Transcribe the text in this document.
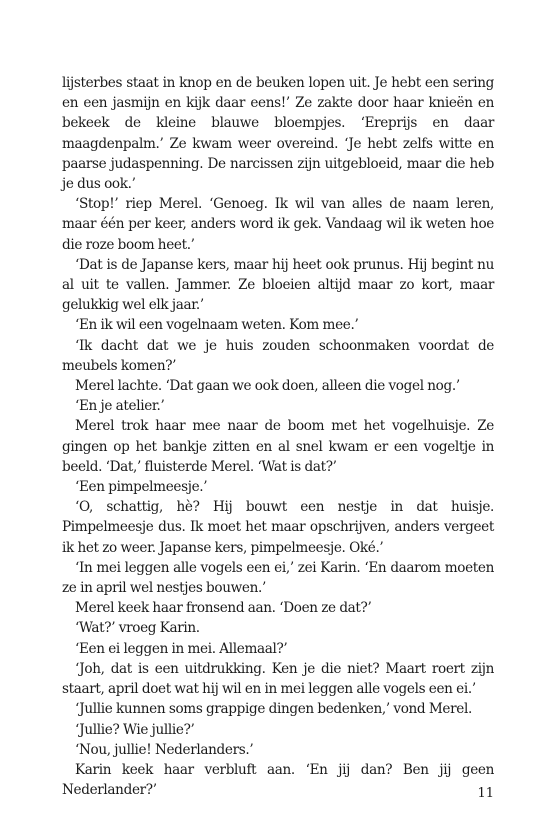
lijsterbes staat in knop en de beuken lopen uit. Je hebt een sering en een jasmijn en kijk daar eens!’ Ze zakte door haar knieën en bekeek de kleine blauwe bloempjes. ‘Ereprijs en daar maagdenpalm.’ Ze kwam weer overeind. ‘Je hebt zelfs witte en paarse judaspenning. De narcissen zijn uitgebloeid, maar die heb je dus ook.’

‘Stop!’ riep Merel. ‘Genoeg. Ik wil van alles de naam leren, maar één per keer, anders word ik gek. Vandaag wil ik weten hoe die roze boom heet.’

‘Dat is de Japanse kers, maar hij heet ook prunus. Hij begint nu al uit te vallen. Jammer. Ze bloeien altijd maar zo kort, maar gelukkig wel elk jaar.’

‘En ik wil een vogelnaam weten. Kom mee.’

‘Ik dacht dat we je huis zouden schoonmaken voordat de meubels komen?’

Merel lachte. ‘Dat gaan we ook doen, alleen die vogel nog.’

‘En je atelier.’

Merel trok haar mee naar de boom met het vogelhuisje. Ze gingen op het bankje zitten en al snel kwam er een vogeltje in beeld. ‘Dat,’ fluisterde Merel. ‘Wat is dat?’

‘Een pimpelmeesje.’

‘O, schattig, hè? Hij bouwt een nestje in dat huisje. Pimpelmeesje dus. Ik moet het maar opschrijven, anders vergeet ik het zo weer. Japanse kers, pimpelmeesje. Oké.’

‘In mei leggen alle vogels een ei,’ zei Karin. ‘En daarom moeten ze in april wel nestjes bouwen.’

Merel keek haar fronsend aan. ‘Doen ze dat?’

‘Wat?’ vroeg Karin.

‘Een ei leggen in mei. Allemaal?’

‘Joh, dat is een uitdrukking. Ken je die niet? Maart roert zijn staart, april doet wat hij wil en in mei leggen alle vogels een ei.’

‘Jullie kunnen soms grappige dingen bedenken,’ vond Merel.

‘Jullie? Wie jullie?’

‘Nou, jullie! Nederlanders.’

Karin keek haar verbluft aan. ‘En jij dan? Ben jij geen Nederlander?’	11
